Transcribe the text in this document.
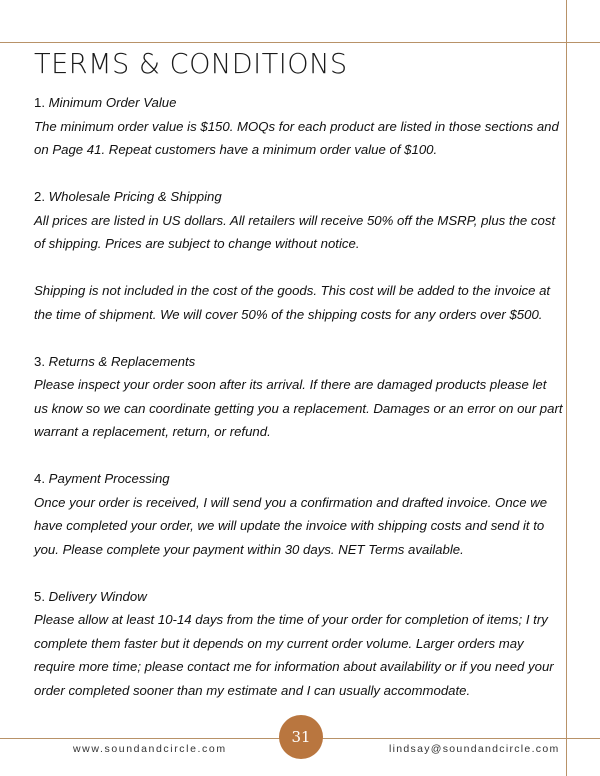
TERMS & CONDITIONS
1. Minimum Order Value

The minimum order value is $150. MOQs for each product are listed in those sections and
on Page 41. Repeat customers have a minimum order value of $100.

2. Wholesale Pricing & Shipping

All prices are listed in US dollars. All retailers will receive 50% off the MSRP, plus the cost
of shipping. Prices are subject to change without notice.

Shipping is not included in the cost of the goods. This cost will be added to the invoice at
the time of shipment. We will cover 50% of the shipping costs for any orders over $500.

3. Returns & Replacements

Please inspect your order soon after its arrival. If there are damaged products please let
us know so we can coordinate getting you a replacement. Damages or an error on our part
warrant a replacement, return, or refund.

4. Payment Processing

Once your order is received, I will send you a confirmation and drafted invoice. Once we
have completed your order, we will update the invoice with shipping costs and send it to
you. Please complete your payment within 30 days. NET Terms available.

5. Delivery Window

Please allow at least 10-14 days from the time of your order for completion of items; I try
complete them faster but it depends on my current order volume. Larger orders may
require more time; please contact me for information about availability or if you need your
order completed sooner than my estimate and I can usually accommodate.

www.soundandcircle.com
31
lindsay@soundandcircle.com
